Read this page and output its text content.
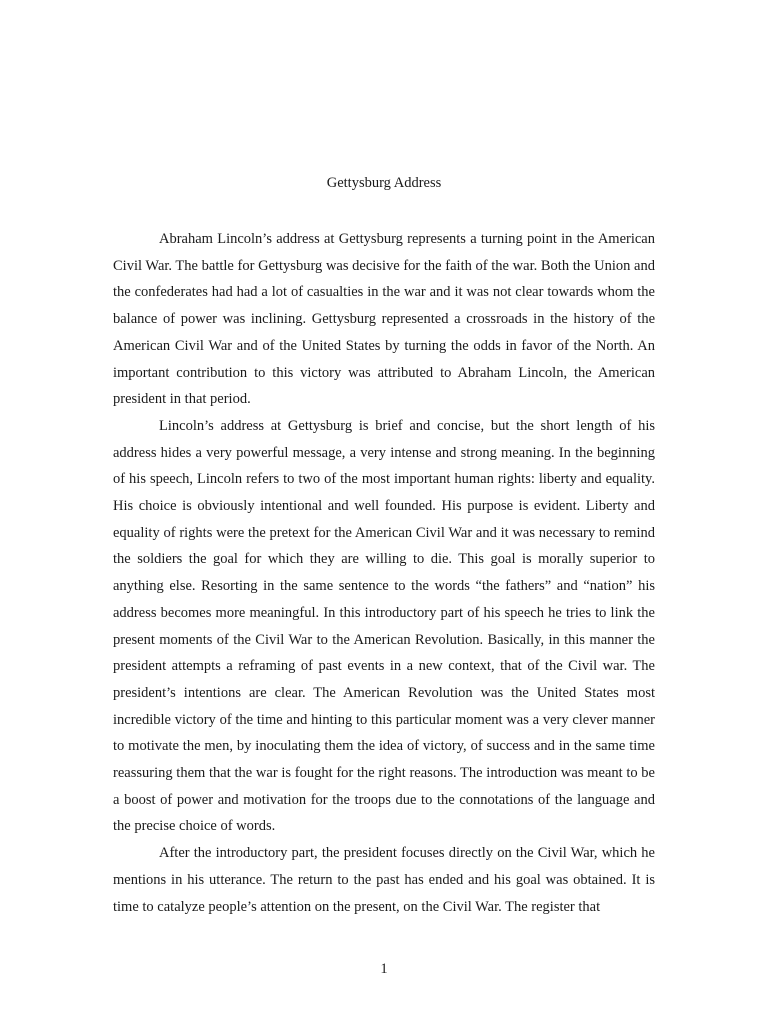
Gettysburg Address

Abraham Lincoln’s address at Gettysburg represents a turning point in the American Civil War. The battle for Gettysburg was decisive for the faith of the war. Both the Union and the confederates had had a lot of casualties in the war and it was not clear towards whom the balance of power was inclining. Gettysburg represented a crossroads in the history of the American Civil War and of the United States by turning the odds in favor of the North. An important contribution to this victory was attributed to Abraham Lincoln, the American president in that period.

Lincoln’s address at Gettysburg is brief and concise, but the short length of his address hides a very powerful message, a very intense and strong meaning. In the beginning of his speech, Lincoln refers to two of the most important human rights: liberty and equality. His choice is obviously intentional and well founded. His purpose is evident. Liberty and equality of rights were the pretext for the American Civil War and it was necessary to remind the soldiers the goal for which they are willing to die. This goal is morally superior to anything else. Resorting in the same sentence to the words “the fathers” and “nation” his address becomes more meaningful. In this introductory part of his speech he tries to link the present moments of the Civil War to the American Revolution. Basically, in this manner the president attempts a reframing of past events in a new context, that of the Civil war. The president’s intentions are clear. The American Revolution was the United States most incredible victory of the time and hinting to this particular moment was a very clever manner to motivate the men, by inoculating them the idea of victory, of success and in the same time reassuring them that the war is fought for the right reasons. The introduction was meant to be a boost of power and motivation for the troops due to the connotations of the language and the precise choice of words.

After the introductory part, the president focuses directly on the Civil War, which he mentions in his utterance. The return to the past has ended and his goal was obtained. It is time to catalyze people’s attention on the present, on the Civil War. The register that

1
